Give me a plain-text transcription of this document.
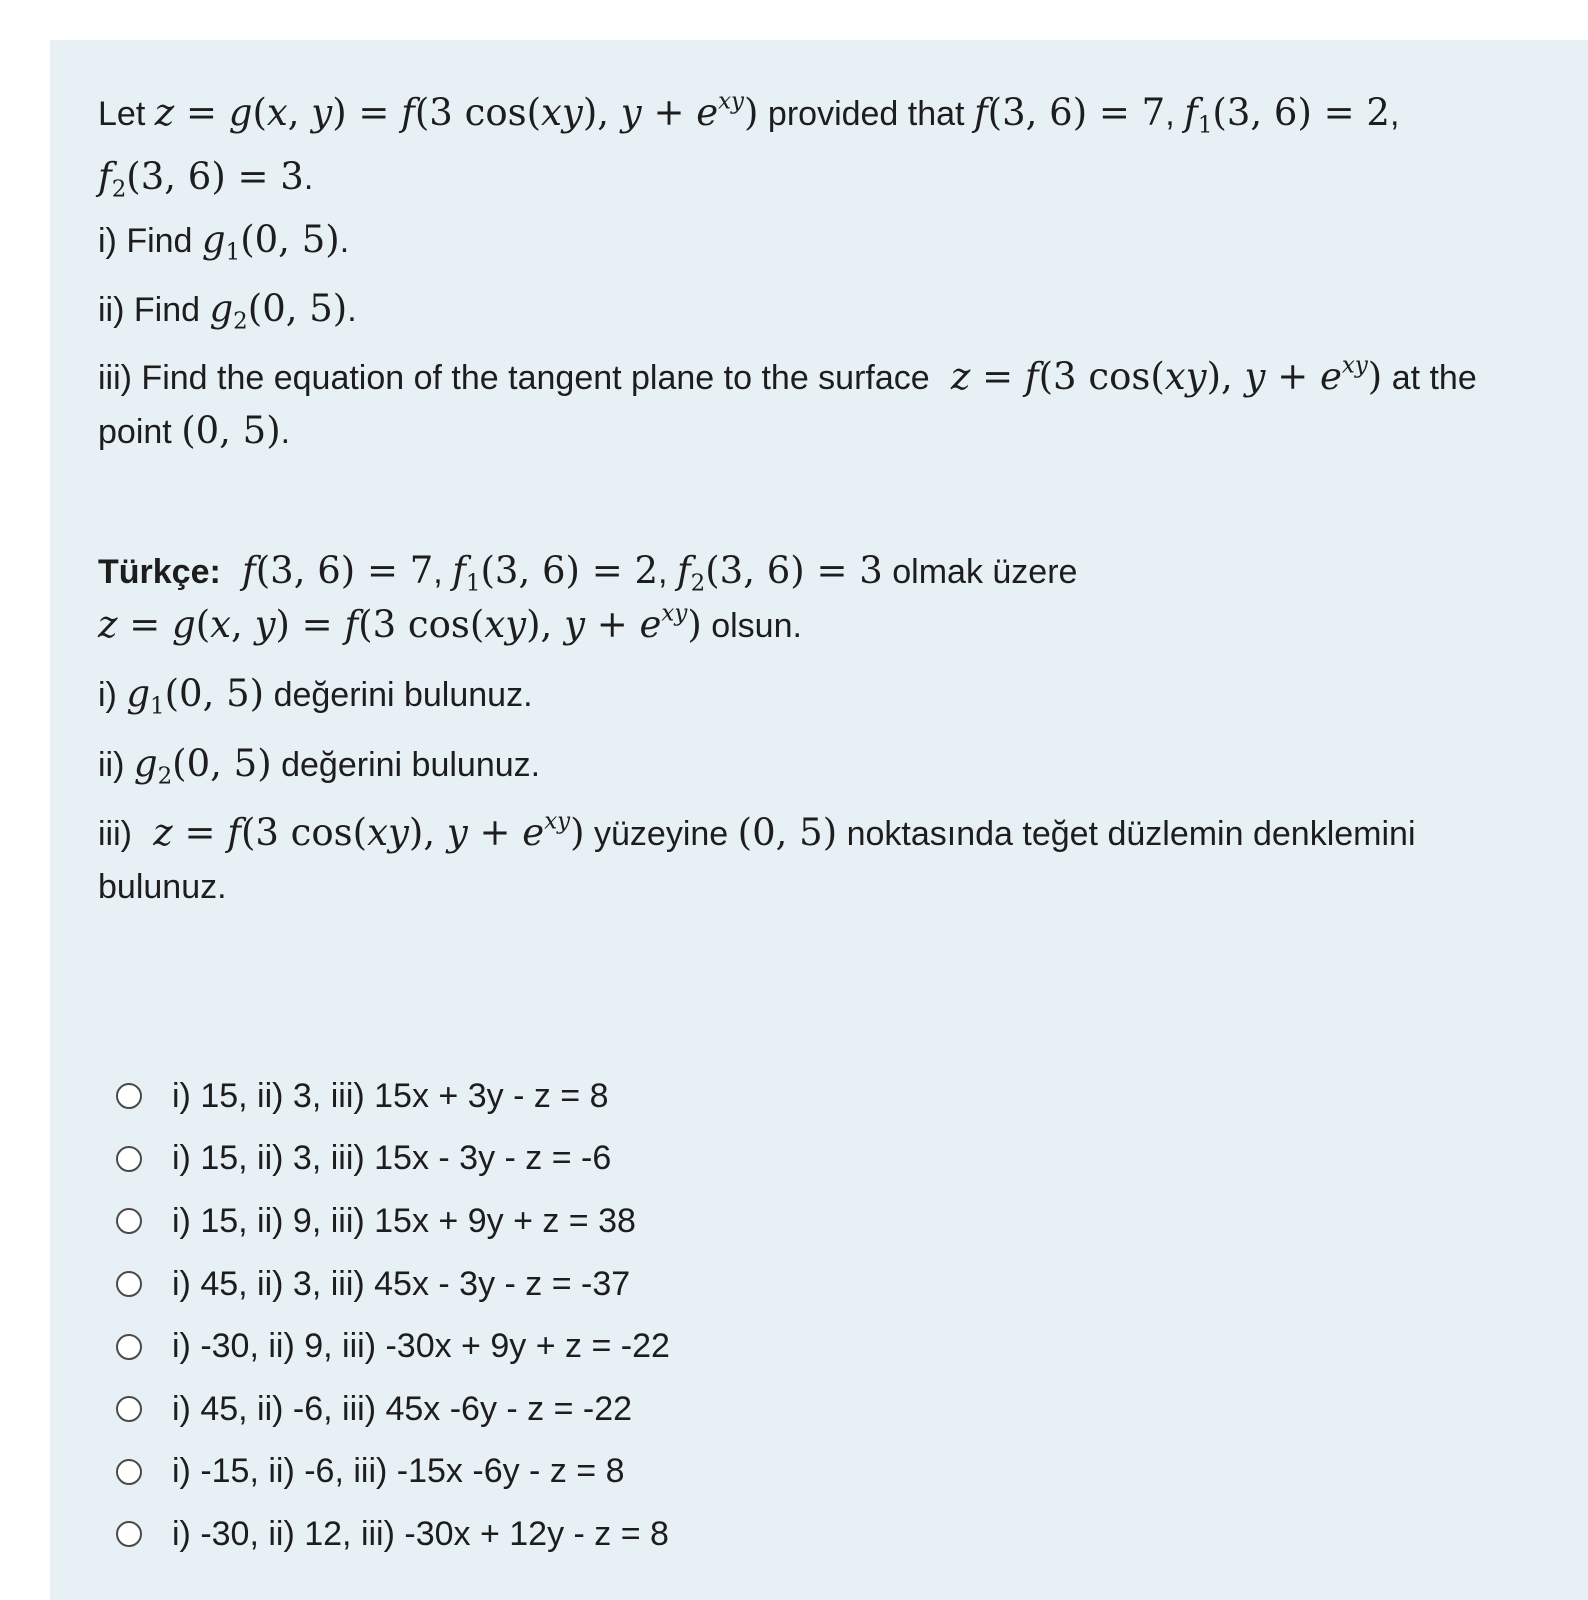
Let z = g(x, y) = f(3 cos(xy), $y + e^{xy}$) provided that f(3, 6) = 7, $f_1(3$, 6) = 2,
$f_2(3$, 6) = 3.
i) Find $g_1(0$, 5).
ii) Find $g_2(0$, 5).
iii) Find the equation of the tangent plane to the surface z = f(3 cos(xy), $y + e^{xy}$) at the
point (0, 5).
Türkçe: f(3, 6) = 7, $f_1(3$, 6) = 2, $f_2(3$, 6) = 3 olmak üzere
z = g(x, y) = f(3 cos(xy), $y + e^{xy}$) olsun.
i) $g_1(0$, 5) değerini bulunuz.
ii) $g_2(0$, 5) değerini bulunuz.
iii) z = f(3 cos(xy), $y + e^{xy}$) yüzeyine (0, 5) noktasında teğet düzlemin denklemini
bulunuz.
i) 15, ii) 3, iii) 15x + 3y - z = 8
i) 15, ii) 3, iii) 15x - 3y - z = -6
i) 15, ii) 9, iii) 15x + 9y + z = 38
i) 45, ii) 3, iii) 45x - 3y - z = -37
i) -30, ii) 9, iii) -30x + 9y + z = -22
i) 45, ii) -6, iii) 45x -6y - z = -22
i) -15, ii) -6, iii) -15x -6y - z = 8
i) -30, ii) 12, iii) -30x + 12y - z = 8
